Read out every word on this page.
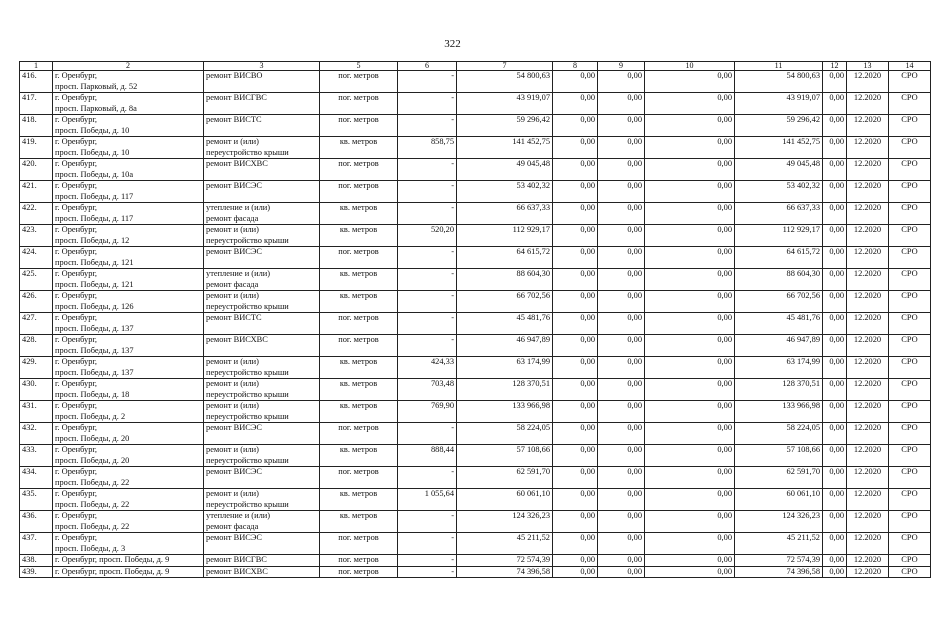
322
1	2	3	5	6	7	8	9	10	11	12	13	14

416.	г. Оренбург,
просп. Парковый, д. 52	ремонт ВИСВО	пог. метров	-	54 800,63	0,00	0,00	0,00	54 800,63	0,00	12.2020	СРО

417.	г. Оренбург,
просп. Парковый, д. 8а	ремонт ВИСГВС	пог. метров	-	43 919,07	0,00	0,00	0,00	43 919,07	0,00	12.2020	СРО

418.	г. Оренбург,
просп. Победы, д. 10	ремонт ВИСТС	пог. метров	-	59 296,42	0,00	0,00	0,00	59 296,42	0,00	12.2020	СРО

419.	г. Оренбург,
просп. Победы, д. 10	ремонт и (или)
переустройство крыши	кв. метров	858,75	141 452,75	0,00	0,00	0,00	141 452,75	0,00	12.2020	СРО

420.	г. Оренбург,
просп. Победы, д. 10а	ремонт ВИСХВС	пог. метров	-	49 045,48	0,00	0,00	0,00	49 045,48	0,00	12.2020	СРО

421.	г. Оренбург,
просп. Победы, д. 117	ремонт ВИСЭС	пог. метров	-	53 402,32	0,00	0,00	0,00	53 402,32	0,00	12.2020	СРО

422.	г. Оренбург,
просп. Победы, д. 117	утепление и (или)
ремонт фасада	кв. метров	-	66 637,33	0,00	0,00	0,00	66 637,33	0,00	12.2020	СРО

423.	г. Оренбург,
просп. Победы, д. 12	ремонт и (или)
переустройство крыши	кв. метров	520,20	112 929,17	0,00	0,00	0,00	112 929,17	0,00	12.2020	СРО

424.	г. Оренбург,
просп. Победы, д. 121	ремонт ВИСЭС	пог. метров	-	64 615,72	0,00	0,00	0,00	64 615,72	0,00	12.2020	СРО

425.	г. Оренбург,
просп. Победы, д. 121	утепление и (или)
ремонт фасада	кв. метров	-	88 604,30	0,00	0,00	0,00	88 604,30	0,00	12.2020	СРО

426.	г. Оренбург,
просп. Победы, д. 126	ремонт и (или)
переустройство крыши	кв. метров	-	66 702,56	0,00	0,00	0,00	66 702,56	0,00	12.2020	СРО

427.	г. Оренбург,
просп. Победы, д. 137	ремонт ВИСТС	пог. метров	-	45 481,76	0,00	0,00	0,00	45 481,76	0,00	12.2020	СРО

428.	г. Оренбург,
просп. Победы, д. 137	ремонт ВИСХВС	пог. метров	-	46 947,89	0,00	0,00	0,00	46 947,89	0,00	12.2020	СРО

429.	г. Оренбург,
просп. Победы, д. 137	ремонт и (или)
переустройство крыши	кв. метров	424,33	63 174,99	0,00	0,00	0,00	63 174,99	0,00	12.2020	СРО

430.	г. Оренбург,
просп. Победы, д. 18	ремонт и (или)
переустройство крыши	кв. метров	703,48	128 370,51	0,00	0,00	0,00	128 370,51	0,00	12.2020	СРО

431.	г. Оренбург,
просп. Победы, д. 2	ремонт и (или)
переустройство крыши	кв. метров	769,90	133 966,98	0,00	0,00	0,00	133 966,98	0,00	12.2020	СРО

432.	г. Оренбург,
просп. Победы, д. 20	ремонт ВИСЭС	пог. метров	-	58 224,05	0,00	0,00	0,00	58 224,05	0,00	12.2020	СРО

433.	г. Оренбург,
просп. Победы, д. 20	ремонт и (или)
переустройство крыши	кв. метров	888,44	57 108,66	0,00	0,00	0,00	57 108,66	0,00	12.2020	СРО

434.	г. Оренбург,
просп. Победы, д. 22	ремонт ВИСЭС	пог. метров	-	62 591,70	0,00	0,00	0,00	62 591,70	0,00	12.2020	СРО

435.	г. Оренбург,
просп. Победы, д. 22	ремонт и (или)
переустройство крыши	кв. метров	1 055,64	60 061,10	0,00	0,00	0,00	60 061,10	0,00	12.2020	СРО

436.	г. Оренбург,
просп. Победы, д. 22	утепление и (или)
ремонт фасада	кв. метров	-	124 326,23	0,00	0,00	0,00	124 326,23	0,00	12.2020	СРО

437.	г. Оренбург,
просп. Победы, д. 3	ремонт ВИСЭС	пог. метров	-	45 211,52	0,00	0,00	0,00	45 211,52	0,00	12.2020	СРО

438.	г. Оренбург, просп. Победы, д. 9	ремонт ВИСГВС	пог. метров	-	72 574,39	0,00	0,00	0,00	72 574,39	0,00	12.2020	СРО

439.	г. Оренбург, просп. Победы, д. 9	ремонт ВИСХВС	пог. метров	-	74 396,58	0,00	0,00	0,00	74 396,58	0,00	12.2020	СРО
